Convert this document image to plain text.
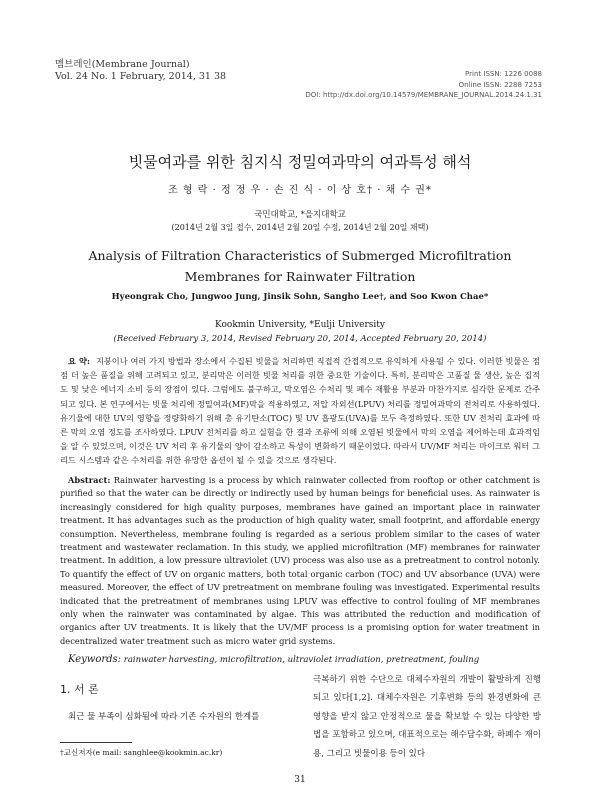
멤브레인(Membrane Journal)
Vol. 24 No. 1 February, 2014, 31 38	Print ISSN: 1226 0088
Online ISSN: 2288 7253
DOI: http://dx.doi.org/10.14579/MEMBRANE_JOURNAL.2014.24.1.31
빗물여과를 위한 침지식 정밀여과막의 여과특성 해석
조 형 락 · 정 정 우 · 손 진 식 · 이 상 호† · 채 수 권*
국민대학교, *을지대학교
(2014년 2월 3일 접수, 2014년 2월 20일 수정, 2014년 2월 20일 채택)
Analysis of Filtration Characteristics of Submerged Microfiltration Membranes for Rainwater Filtration
Hyeongrak Cho, Jungwoo Jung, Jinsik Sohn, Sangho Lee†, and Soo Kwon Chae*
Kookmin University, *Eulji University
(Received February 3, 2014, Revised February 20, 2014, Accepted February 20, 2014)
요 약: 지붕이나 여러 가지 방법과 장소에서 수집된 빗물을 처리하면 직접적 간접적으로 유익하게 사용될 수 있다. 이러한 빗물은 점점 더 높은 품질을 위해 고려되고 있고, 분리막은 이러한 빗물 처리를 위한 중요한 기술이다. 특히, 분리막은 고품질 물 생산, 높은 집적도 및 낮은 에너지 소비 등의 장점이 있다. 그럼에도 불구하고, 막오염은 수처리 및 폐수 재활용 부분과 마찬가지로 심각한 문제로 간주되고 있다. 본 연구에서는 빗물 처리에 정밀여과(MF)막을 적용하였고, 저압 자외선(LPUV) 처리를 정밀여과막의 전처리로 사용하였다. 유기물에 대한 UV의 영향을 정량화하기 위해 총 유기탄소(TOC) 및 UV 흡광도(UVA)를 모두 측정하였다. 또한 UV 전처리 효과에 따른 막의 오염 정도를 조사하였다. LPUV 전처리를 하고 실험을 한 결과 조류에 의해 오염된 빗물에서 막의 오염을 제어하는데 효과적임을 알 수 있었으며, 이것은 UV 처리 후 유기물의 양이 감소하고 특성이 변화하기 때문이었다. 따라서 UV/MF 처리는 마이크로 워터 그리드 시스템과 같은 수처리를 위한 유망한 옵션이 될 수 있을 것으로 생각된다.
Abstract: Rainwater harvesting is a process by which rainwater collected from rooftop or other catchment is purified so that the water can be directly or indirectly used by human beings for beneficial uses. As rainwater is increasingly considered for high quality purposes, membranes have gained an important place in rainwater treatment. It has advantages such as the production of high quality water, small footprint, and affordable energy consumption. Nevertheless, membrane fouling is regarded as a serious problem similar to the cases of water treatment and wastewater reclamation. In this study, we applied microfiltration (MF) membranes for rainwater treatment. In addition, a low pressure ultraviolet (UV) process was also use as a pretreatment to control notonly. To quantify the effect of UV on organic matters, both total organic carbon (TOC) and UV absorbance (UVA) were measured. Moreover, the effect of UV pretreatment on membrane fouling was investigated. Experimental results indicated that the pretreatment of membranes using LPUV was effective to control fouling of MF membranes only when the rainwater was contaminated by algae. This was attributed the reduction and modification of organics after UV treatments. It is likely that the UV/MF process is a promising option for water treatment in decentralized water treatment such as micro water grid systems.
Keywords: rainwater harvesting, microfiltration, ultraviolet irradiation, pretreatment, fouling
1. 서 론
최근 물 부족이 심화됨에 따라 기존 수자원의 한계를
극복하기 위한 수단으로 대체수자원의 개발이 활발하게 진행되고 있다[1,2]. 대체수자원은 기후변화 등의 환경변화에 큰 영향을 받지 않고 안정적으로 물을 확보할 수 있는 다양한 방법을 포함하고 있으며, 대표적으로는 해수담수화, 하폐수 재이용, 그리고 빗물이용 등이 있다
†교신저자(e mail: sanghlee@kookmin.ac.kr)
31
